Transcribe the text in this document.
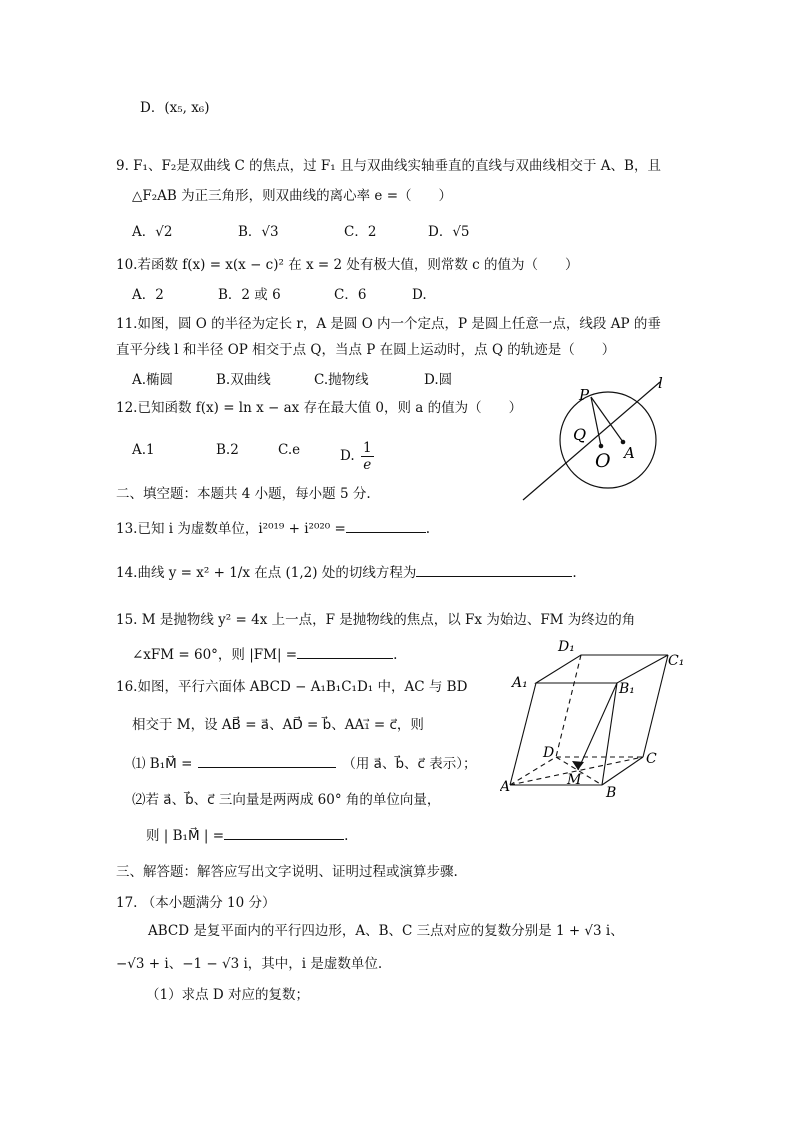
D．(x₅, x₆)
9. F₁、F₂是双曲线 C 的焦点，过 F₁ 且与双曲线实轴垂直的直线与双曲线相交于 A、B，且
△F₂AB 为正三角形，则双曲线的离心率 e =（　　）
A．√2	B．√3	C．2	D．√5
10.若函数 f(x) = x(x − c)² 在 x = 2 处有极大值，则常数 c 的值为（　　）
A．2	B．2 或 6	C．6	D.
11.如图，圆 O 的半径为定长 r，A 是圆 O 内一个定点，P 是圆上任意一点，线段 AP 的垂
直平分线 l 和半径 OP 相交于点 Q，当点 P 在圆上运动时，点 Q 的轨迹是（　　）
A.椭圆	B.双曲线	C.抛物线	D.圆
12.已知函数 f(x) = ln x − ax 存在最大值 0，则 a 的值为（　　）
A.1	B.2	C.e	D. $\frac{1}{e}$
P
Q
O A
l
二、填空题：本题共 4 小题，每小题 5 分.
13.已知 i 为虚数单位，i²⁰¹⁹ + i²⁰²⁰ =	.
14.曲线 y = x² + 1/x 在点 (1,2) 处的切线方程为	.
15. M 是抛物线 y² = 4x 上一点，F 是抛物线的焦点，以 Fx 为始边、FM 为终边的角
∠xFM = 60°，则 |FM| =	.
16.如图，平行六面体 ABCD − A₁B₁C₁D₁ 中，AC 与 BD
相交于 M，设 AB⃗ = a⃗、AD⃗ = b⃗、AA₁⃗ = c⃗，则
⑴ B₁M⃗ =	（用 a⃗、b⃗、c⃗ 表示）；
⑵若 a⃗、b⃗、c⃗ 三向量是两两成 60° 角的单位向量，
则 | B₁M⃗ | =	.
D₁
C₁
A₁	B₁
D	C
M
A	B
三、解答题：解答应写出文字说明、证明过程或演算步骤.
17. （本小题满分 10 分）
ABCD 是复平面内的平行四边形，A、B、C 三点对应的复数分别是 1 + √3 i、
−√3 + i、−1 − √3 i，其中，i 是虚数单位.
（1）求点 D 对应的复数；
